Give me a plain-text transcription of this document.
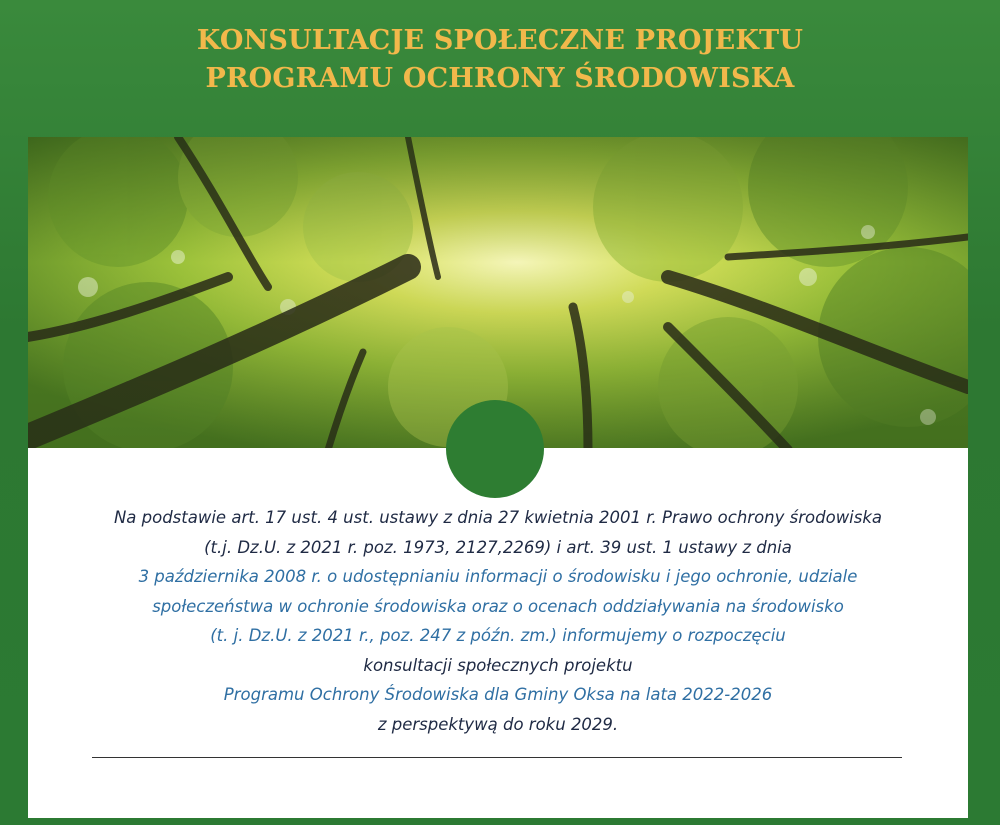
KONSULTACJE SPOŁECZNE PROJEKTU
PROGRAMU OCHRONY ŚRODOWISKA
Na podstawie art. 17 ust. 4 ust. ustawy z dnia 27 kwietnia 2001 r. Prawo ochrony środowiska
(t.j. Dz.U. z 2021 r. poz. 1973, 2127,2269) i art. 39 ust. 1 ustawy z dnia
3 października 2008 r. o udostępnianiu informacji o środowisku i jego ochronie, udziale
społeczeństwa w ochronie środowiska oraz o ocenach oddziaływania na środowisko
(t. j. Dz.U. z 2021 r., poz. 247 z późn. zm.) informujemy o rozpoczęciu
konsultacji społecznych projektu
Programu Ochrony Środowiska dla Gminy Oksa na lata 2022-2026
z perspektywą do roku 2029.
